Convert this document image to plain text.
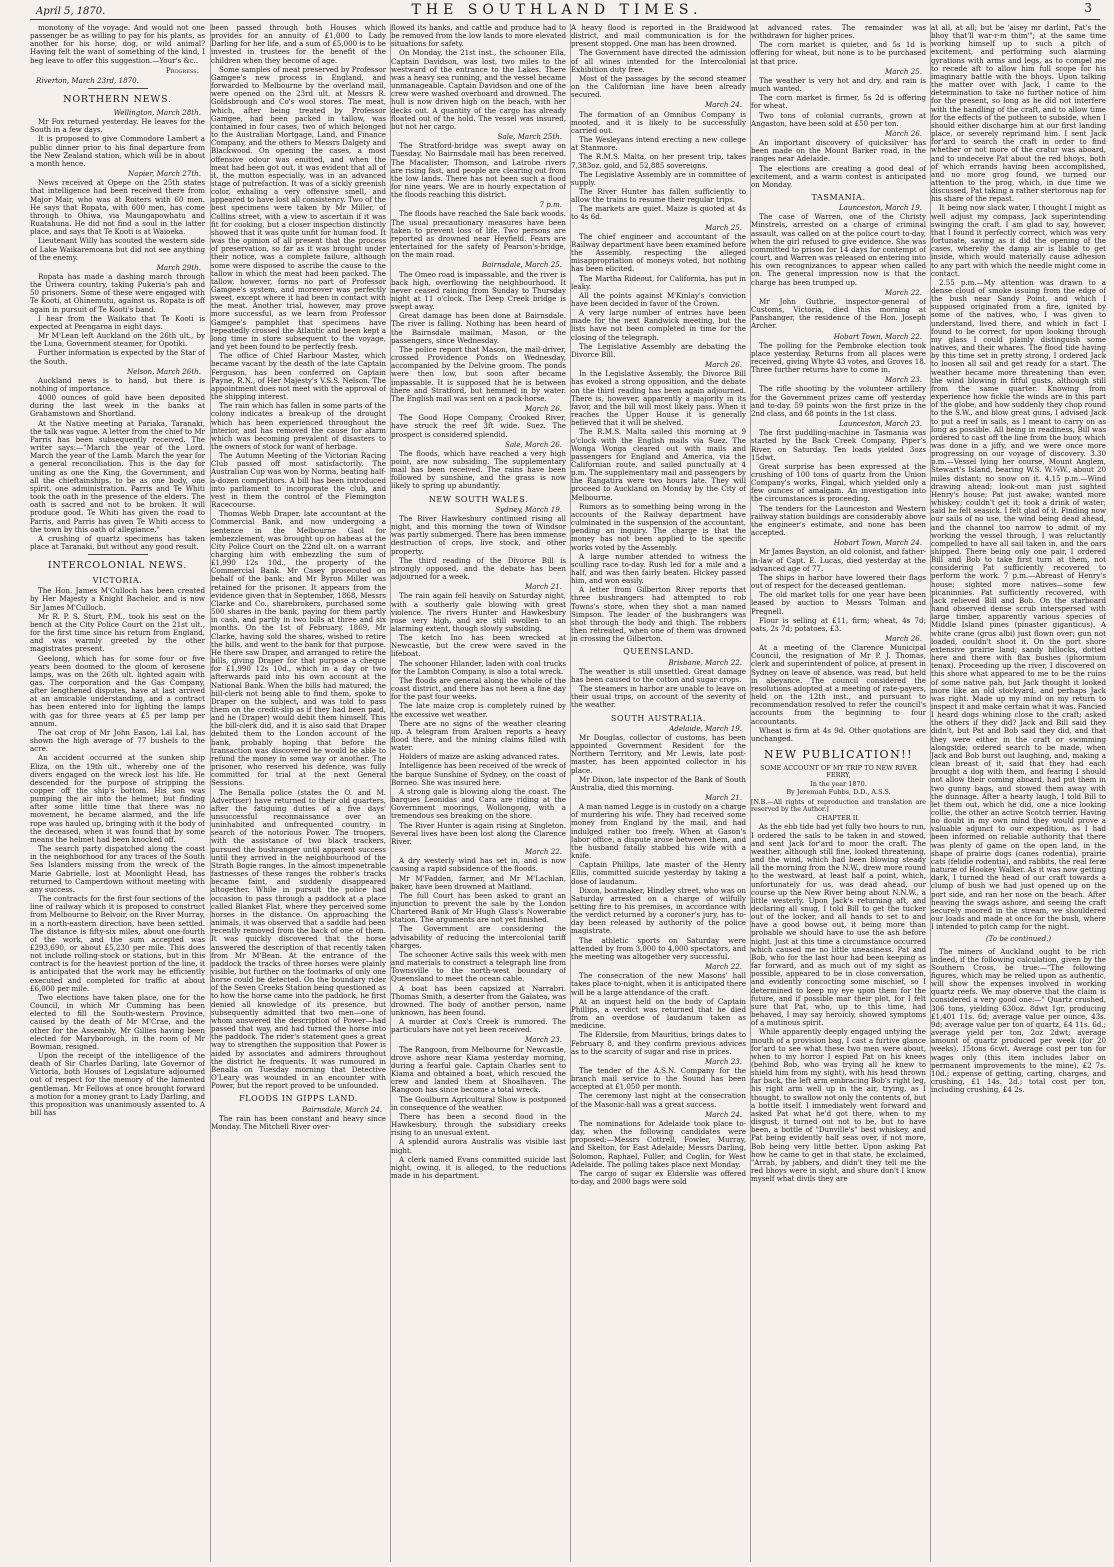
April 5, 1870.	THE SOUTHLAND TIMES.	3

monotony of the voyage. And would not one passenger be as willing to pay for his plants, as another for his horse, dog, or wild animal? Having felt the want of something of the kind, I beg leave to offer this suggestion.—Your's &c..

Progress.
Riverton, March 23rd, 1870.
NORTHERN NEWS.
Wellington, March 28th.

Mr Fox returned yesterday. He leaves for the South in a few days.

It is proposed to give Commodore Lambert a public dinner prior to his final departure from the New Zealand station, which will be in about a month hence.

Napier, March 27th.

News received at Opepe on the 25th states that intelligence had been received there from Major Mair, who was at Roiters with 60 men. He says that Ropata, with 600 men, has come through to Ohiwa, via Maungapowhatu and Ruatahuna. He did not find a soul in the latter place, and says that Te Kooti is at Waioeka.

Lieutenant Willy has scouted the western side of Lake Waikaremoana but did not see anything of the enemy.

March 29th.

Ropata has made a dashing march through the Uriwera country, taking Pukeria's pah and 50 prisoners. Some of these were engaged with Te Kooti, at Ohinemutu, against us. Ropata is off again in pursuit of Te Kooti's band.

I hear from the Waikato that Te Kooti is expected at Peengaroa in eight days.

Mr M'Lean left Auckland on the 26th ult., by the Luna, Government steamer, for Opotiki.

Further information is expected by the Star of the South.

Nelson, March 26th.

Auckland news is to hand, but there is nothing of importance.

4000 ounces of gold have been deposited during the last week in the banks at Grahamstown and Shortland.

At the Native meeting at Pariaka, Taranaki, the talk was vague. A letter from the chief to Mr Parris has been subsequently received. The writer says:—"March the year of the Lord. March the year of the Lamb. March the year for a general reconciliation. This is the day for uniting as one the King, the Government, and all the chieftainships, to be as one body, one spirit, one administration. Parris and Te Whiti took the oath in the presence of the elders. The oath is sacred and not to be broken. It will produce good. Te Whiti has given the road to Parris, and Parris has given Te Whiti access to the town by this oath of allegiance."

A crushing of quartz specimens has taken place at Taranaki, but without any good result.

INTERCOLONIAL NEWS.
VICTORIA.

The Hon. James M'Culloch has been created by Her Majesty a Knight Bachelor, and is now Sir James M'Culloch.

Mr R. P. S. Sturt, P.M., took his seat on the bench at the City Police Court on the 21st ult., for the first time since his return from England, and was warmly greeted by the other magistrates present.

Geelong, which has for some four or five years been doomed to the gloom of kerosene lamps, was on the 26th ult. lighted again with gas. The corporation and the Gas Company, after lengthened disputes, have at last arrived at an amicable understanding, and a contract has been entered into for lighting the lamps with gas for three years at £5 per lamp per annum.

The oat crop of Mr John Eason, Lal Lal, has shown the high average of 77 bushels to the acre.

An accident occurred at the sunken ship Eliza, on the 19th ult., whereby one of the divers engaged on the wreck lost his life. He descended for the purpose of stripping the copper off the ship's bottom. His son was pumping the air into the helmet; but finding after some little time that there was no movement, he became alarmed, and the life rope was hauled up, bringing with it the body of the deceased, when it was found that by some means the helmet had been knocked off.

The search party dispatched along the coast in the neighborhood for any traces of the South Sea Islanders missing from the wreck of the Marie Gabrielle, lost at Moonlight Head, has returned to Camperdown without meeting with any success.

The contracts for the first four sections of the line of railway which it is proposed to construct from Melbourne to Belvoir, on the River Murray, in a north-eastern direction, have been settled. The distance is fifty-six miles, about one-fourth of the work, and the sum accepted was £293,690, or about £5,230 per mile. This does not include rolling-stock or stations, but in this contract is for the heaviest portion of the line, it is anticipated that the work may be efficiently executed and completed for traffic at about £6,000 per mile.

Two elections have taken place, one for the Council, in which Mr Cumming has been elected to fill the South-western Province, caused by the death of Mr M'Crae, and the other for the Assembly, Mr Gillies having been elected for Maryborough, in the room of Mr Bowman, resigned.

Upon the receipt of the intelligence of the death of Sir Charles Darling, late Governor of Victoria, both Houses of Legislature adjourned out of respect for the memory of the lamented gentleman. Mr Fellows at once brought forward a motion for a money grant to Lady Darling, and this proposition was unanimously assented to. A bill has

been passed through both Houses which provides for an annuity of £1,000 to Lady Darling for her life, and a sum of £5,000 is to be invested in trustees for the benefit of the children when they become of age.

Some samples of meat preserved by Professor Gamgee's new process in England, and forwarded to Melbourne by the overland mail, were opened on the 23rd ult. at Messrs R. Goldsbrough and Co's wool stores. The meat, which, after being treated by Professor Gamgee, had been packed in tallow, was contained in four cases, two of which belonged to the Australian Mortgage, Land, and Finance Company, and the others to Messrs Dalgety and Blackwood. On opening the cases, a most offensive odour was emitted, and when the meat had been got out, it was evident that all of it, the mutton especially, was in an advanced stage of putrefaction. It was of a sickly greenish color, exhaling a very offensive smell, and appeared to have lost all consistency. Two of the best specimens were taken by Mr Miller, of Collins street, with a view to ascertain if it was fit for cooking, but a closer inspection distinctly showed that it was quite unfit for human food. It was the opinion of all present that the process of preservation, so far as it was brought under their notice, was a complete failure, although some were disposed to ascribe the cause to the tallow in which the meat had been packed. The tallow, however, forms no part of Professor Gamgee's system, and moreover was perfectly sweet, except where it had been in contact with the meat. Another trial, however, may prove more successful, as we learn from Professor Gamgee's pamphlet that specimens have repeatedly crossed the Atlantic and been kept a long time in store subsequent to the voyage, and yet been found to be perfectly fresh.

The office of Chief Harbour Master, which became vacant by the death of the late Captain Ferguson, has been conferred on Captain Payne, R.N., of Her Majesty's V.S.S. Nelson. The appointment does not meet with the approval of the shipping interest.

The rain which has fallen in some parts of the colony indicates a break-up of the drought which has been experienced throughout the interior, and has removed the cause for alarm which was becoming prevalent of disasters to the owners of stock for want of herbage.

The Autumn Meeting of the Victorian Racing Club passed off most satisfactorily. The Australian Cup was won by Norma, beating half-a-dozen competitors. A bill has been introduced into parliament to incorporate the club, and vest in them the control of the Flemington Racecourse.

Thomas Webb Draper, late accountant at the Commercial Bank, and now undergoing a sentence in the Melbourne Gaol for embezzlement, was brought up on habeas at the City Police Court on the 22nd ult. on a warrant charging him with embezzling the sum of £1,990 12s 10d., the property of the Commercial Bank. Mr Casey prosecuted on behalf of the bank; and Mr Byron Miller was retained for the prisoner. It appears from the evidence given that in September, 1868, Messrs Clarke and Co., sharebrokers, purchased some 500 shares in the bank, paying for them partly in cash, and partly in two bills at three and six months. On the 1st of February, 1869, Mr Clarke, having sold the shares, wished to retire the bills, and went to the bank for that purpose. He there saw Draper, and arranged to retire the bills, giving Draper for that purpose a cheque for £1,990 12s 10d., which in a day or two afterwards paid into his own account at the National Bank. When the bills had matured, the bill-clerk not being able to find them, spoke to Draper on the subject, and was told to pass them on the credit-slip as if they had been paid, and he (Draper) would debit them himself. This the bill-clerk did, and it is also said that Draper debited them to the London account of the bank, probably hoping that before the transaction was discovered he would be able to refund the money in some way or another. The prisoner, who reserved his defence, was fully committed for trial at the next General Sessions.

The Benalla police (states the O. and M. Advertiser) have returned to their old quarters, after the fatiguing duties of a five days' unsuccessful reconnaissance over an uninhabited and unfrequented country, in search of the notorious Power. The troopers, with the assistance of two black trackers, pursued the bushranger until apparent success until they arrived in the neighbourhood of the Strath Bogie ranges. In the almost impenetrable fastnesses of these ranges the robber's tracks became faint, and suddenly disappeared altogether. While in pursuit the police had occasion to pass through a paddock at a place called Blanket Flat, where they perceived some horses in the distance. On approaching the animals, it was observed that a saddle had been recently removed from the back of one of them. It was quickly discovered that the horse answered the description of that recently taken from Mr M'Bean. At the entrance of the paddock the tracks of three horses were plainly visible, but further on the footmarks of only one horse could be detected. On the boundary rider of the Seven Creeks Station being questioned as to how the horse came into the paddock, he first denied all knowledge of its presence, but subsequently admitted that two men—one of whom answered the description of Power—had passed that way, and had turned the horse into the paddock. The rider's statement goes a great way to strengthen the supposition that Power is aided by associates and admirers throughout the district he frequents. It was rumoured in Benalla on Tuesday morning that Detective O'Leary was wounded in an encounter with Power, but the report proved to be unfounded.

FLOODS IN GIPPS LAND.
Bairnsdale, March 24.

The rain has been constant and heavy since Monday. The Mitchell River over-

flowed its banks, and cattle and produce had to be removed from the low lands to more elevated situations for safety.

On Monday, the 21st inst., the schooner Ella, Captain Davidson, was lost, two miles to the westward of the entrance to the Lakes. There was a heavy sea running, and the vessel became unmanageable. Captain Davidson and one of the crew were washed overboard and drowned. The hull is now driven high on the beach, with her decks out. A quantity of the cargo has already floated out of the hold. The vessel was insured, but not her cargo.

Sale, March 25th.

The Stratford-bridge was swept away on Tuesday. No Bairnsdale mail has been received. The Macalister, Thomson, and Latrobe rivers are rising fast, and people are clearing out from the low lands. There has not been such a flood for nine years. We are in hourly expectation of the floods reaching this district.

7 p.m.

The floods have reached the Sale back woods. The usual precautionary measures have been taken to prevent loss of life. Two persons are reported as drowned near Heyfield. Fears are entertained for the safety of Pearson's-bridge, on the main road.

Bairnsdale, March 25.

The Omeo road is impassable, and the river is back high, overflowing the neighbourhood. It never ceased raining from Sunday to Thursday night at 11 o'clock. The Deep Creek bridge is swept away.

Great damage has been done at Bairnsdale. The river is falling. Nothing has been heard of the Bairnsdale mailman, Mason, or the passengers, since Wednesday.

The police report that Mason, the mail-driver, crossed Providence Ponds on Wednesday, accompanied by the Delvine groom. The ponds were then low, but soon after became impassable. It is supposed that he is between there and Stratford, but hemmed in by water. The English mail was sent on a pack-horse.

March 26.

The Good Hope Company, Crooked River, have struck the reef 3ft wide. Suez. The prospect is considered splendid.

Sale, March 26.

The floods, which have reached a very high point, are now subsiding. The supplementary mail has been received. The rains have been followed by sunshine, and the grass is now likely to spring up abundantly.

NEW SOUTH WALES.
Sydney, March 19.

The River Hawkesbury continued rising all night, and this morning the town of Windsor was partly submerged. There has been immense destruction of crops, live stock, and other property.

The third reading of the Divorce Bill is strongly opposed, and the debate has been adjourned for a week.

March 21.

The rain again fell heavily on Saturday night, with a southerly gale blowing with great violence. The rivers Hunter and Hawkesbury rose very high, and are still swollen to an alarming extent, though slowly subsiding.

The ketch Ino has been wrecked at Newcastle, but the crew were saved in the lifeboat.

The schooner Hilander, laden with coal trucks for the Lambton Company, is also a total wreck.

The floods are general along the whole of the coast district, and there has not been a fine day for the past four weeks.

The late maize crop is completely ruined by the excessive wet weather.

There are no signs of the weather clearing up. A telegram from Araluen reports a heavy flood there, and the mining claims filled with water.

Holders of maize are asking advanced rates.

Intelligence has been received of the wreck of the barque Sunshine of Sydney, on the coast of Borneo. She was insured here.

A strong gale is blowing along the coast. The barques Leonidas and Cara are riding at the Government moorings, Wollongong, with a tremendous sea breaking on the shore.

The River Hunter is again rising at Singleton. Several lives have been lost along the Clarence River.

March 22.

A dry westerly wind has set in, and is now causing a rapid subsidence of the floods.

Mr M'Fadden, farmer, and Mr M'Lachlan, baker, have been drowned at Maitland.

The full Court has been asked to grant an injunction to prevent the sale by the London Chartered Bank of Mr Hugh Glass's Nowerabie station. The arguments are not yet finished.

The Government are considering the advisability of reducing the intercolonial tariff charges.

The schooner Active sails this week with men and materials to construct a telegraph line from Townsville to the north-west boundary of Queensland to meet the ocean cable.

A boat has been capsized at Narrabri. Thomas Smith, a deserter from the Galatea, was drowned. The body of another person, name unknown, has been found.

A murder at Cox's Creek is rumored. The particulars have not yet been received.

March 23.

The Rangoon, from Melbourne for Newcastle, drove ashore near Kiama yesterday morning, during a fearful gale. Captain Charles sent to Kiama and obtained a boat, which rescued the crew and landed them at Shoalhaven. The Rangoon has since become a total wreck.

The Goulburn Agricultural Show is postponed in consequence of the weather.

There has been a second flood in the Hawkesbury, through the subsidiary creeks rising to an unusual extent.

A splendid aurora Australis was visible last night.

A clerk named Evans committed suicide last night, owing, it is alleged, to the reductions made in his department.

A heavy flood is reported in the Braidwood district, and mail communication is for the present stopped. One man has been drowned.

The Government have directed the admission of all wines intended for the Intercolonial Exhibition duty free.

Most of the passages by the second steamer on the Californian line have been already secured.

March 24.

The formation of an Omnibus Company is mooted, and it is likely to be successfully carried out.

The Wesleyans intend erecting a new college at Stanmore.

The R.M.S. Malta, on her present trip, takes 7,383oz. gold, and 52,885 sovereigns.

The Legislative Assembly are in committee of supply.

The River Hunter has fallen sufficiently to allow the trains to resume their regular trips.

The markets are quiet. Maize is quoted at 4s to 4s 6d.

March 25.

The chief engineer and accountant of the Railway department have been examined before the Assembly, respecting the alleged misappropriation of moneys voted, but nothing has been elicited.

The Martha Rideout, for California, has put in leaky.

All the points against M'Kinlay's conviction have been decided in favor of the Crown.

A very large number of entries have been made for the next Randwick meeting, but the lists have not been completed in time for the closing of the telegraph.

The Legislative Assembly are debating the Divorce Bill.

March 26.

In the Legislative Assembly, the Divorce Bill has evoked a strong opposition, and the debate on the third reading has been again adjourned. There is, however, apparently a majority in its favor, and the bill will most likely pass. When it reaches the Upper House it is generally believed that it will be shelved.

The R.M.S. Malta sailed this morning at 9 o'clock with the English mails via Suez. The Wonga Wonga cleared out with mails and passengers for England and America, via the Californian route, and sailed punctually at 4 p.m. The supplementary mail and passengers by the Rangatira were two hours late. They will proceed to Auckland on Monday by the City of Melbourne.

Rumors as to something being wrong in the accounts of the Railway department have culminated in the suspension of the accountant, pending an inquiry. The charge is that the money has not been applied to the specific works voted by the Assembly.

A large number attended to witness the sculling race to-day. Rush led for a mile and a half, and was then fairly beaten. Hickey passed him, and won easily.

A letter from Gilberton River reports that three bushrangers had attempted to rob Towns's store, when they shot a man named Simpson. The leader of the bushrangers was shot through the body and thigh. The robbers then retreated, when one of them was drowned in crossing the Gilberton.

QUEENSLAND.
Brisbane, March 22.

The weather is still unsettled. Great damage has been caused to the cotton and sugar crops.

The steamers in harbor are unable to leave on their usual trips, on account of the severity of the weather.

SOUTH AUSTRALIA.
Adelaide, March 19.

Mr Douglas, collector of customs, has been appointed Government Resident for the Northern Territory, and Mr Lewis, late post-master, has been appointed collector in his place.

Mr Dixon, late inspector of the Bank of South Australia, died this morning.

March 21.

A man named Legge is in custody on a charge of murdering his wife. They had received some money from England by the mail, and had indulged rather too freely. When at Gason's labor office, a dispute arose between them, and the husband fatally stabbed his wife with a knife.

Captain Phillips, late master of the Henry Ellis, committed suicide yesterday by taking a dose of laudanum.

Dixon, boatmaker, Hindley street, who was on Saturday arrested on a charge of wilfully setting fire to his premises, in accordance with the verdict returned by a coroner's jury, has to-day been released by authority of the police magistrate.

The athletic sports on Saturday were attended by from 3,000 to 4,000 spectators, and the meeting was altogether very successful.

March 22.

The consecration of the new Masons' hall takes place to-night, when it is anticipated there will be a large attendance of the craft.

At an inquest held on the body of Captain Phillips, a verdict was returned that he died from an overdose of laudanum taken as medicine.

The Eldersile, from Mauritius, brings dates to February 8, and they confirm previous advices as to the scarcity of sugar and rise in prices.

March 23.

The tender of the A.S.N. Company for the branch mail service to the Sound has been accepted at £1,050 per month.

The ceremony last night at the consecration of the Masonic-hall was a great success.

March 24.

The nominations for Adelaide took place to-day, when the following candidates were proposed:—Messrs Cottrell, Fowler, Murray, and Skelton, for East Adelaide; Messrs Darling, Solomon, Raphael, Fuller, and Coglin, for West Adelaide. The polling takes place next Monday.

The cargo of sugar ex Elderslie was offered to-day, and 2000 bags were sold

at advanced rates. The remainder was withdrawn for higher prices.

The corn market is quieter, and 5s 1d is offering for wheat, but none is to be purchased at that price.

March 25.

The weather is very hot and dry, and rain is much wanted.

The corn market is firmer, 5s 2d is offering for wheat.

Two tons of colonial currants, grown at Angaston, have been sold at £50 per ton.

March 26.

An important discovery of quicksilver has been made on the Mount Barker road, in the ranges near Adelaide.

The elections are creating a good deal of excitement, and a warm contest is anticipated on Monday.

TASMANIA.
Launceston, March 19.

The case of Warren, one of the Christy Minstrels, arrested on a charge of criminal assault, was called on at the police court to-day, when the girl refused to give evidence. She was committed to prison for 14 days for contempt of court, and Warren was released on entering into his own recognizances to appear when called on. The general impression now is that the charge has been trumped up.

March 22.

Mr John Guthrie, inspector-general of Customs, Victoria, died this morning at Panshanger, the residence of the Hon. Joseph Archer.

Hobart Town, March 22.

The polling for the Pembroke election took place yesterday. Returns from all places were received, giving Whyte 43 votes, and Groves 18. Three further returns have to come in.

March 23.

The rifle shooting by the volunteer artillery for the Government prizes came off yesterday and to-day. 59 points won the first prize in the 2nd class, and 68 points in the 1st class.

Launceston, March 23.

The first puddling-machine in Tasmania was started by the Back Creek Company, Piper's River, on Saturday. Ten loads yielded 3ozs 15dwt.

Great surprise has been expressed at the crushing of 100 tons of quartz from the Union Company's works, Fingal, which yielded only a few ounces of amalgam. An investigation into the circumstances is proceeding.

The tenders for the Launceston and Western railway station buildings are considerably above the engineer's estimate, and none has been accepted.

Hobart Town, March 24.

Mr James Bayston, an old colonist, and father-in-law of Capt. E. Lucas, died yesterday at the advanced age of 77.

The ships in harbor have lowered their flags out of respect for the deceased gentleman.

The old market tolls for one year have been leased by auction to Messrs Tolman and Pregnell.

Flour is selling at £11, firm; wheat, 4s 7d; oats, 2s 7d; potatoes, £3.

March 26.

At a meeting of the Clarence Municipal Council, the resignation of Mr P. J. Thomas, clerk and superintendent of police, at present in Sydney on leave of absence, was read, but held in abeyance. The council considered the resolutions adopted at a meeting of rate-payers, held on the 12th inst., and pursuant to recommendation resolved to refer the council's accounts from the beginning to four accountants.

Wheat is firm at 4s 9d. Other quotations are unchanged.

NEW PUBLICATION!!
SOME ACCOUNT OF MY TRIP TO NEW RIVER FERRY,
In the year 1870.
By Jeremiah Fubbs, D.D., A.S.S.
[N.B.—All rights of reproduction and translation are reserved by the Author.]
CHAPTER II.

As the ebb tide had yet fully two hours to run, I ordered the sails to be taken in and stowed, and sent Jack for'ard to moor the craft. The weather, although still fine, looked threatening, and the wind, which had been blowing steady all the morning from the N.W., drew more round to the westward, at least half a point, which, unfortunately for us, was dead ahead, our course up the New River being about N.N.W., a little westerly. Upon Jack's returning aft, and declaring all snug, I told Bill to get the tucker out of the locker, and all hands to set to and have a good bowse out, it being more than probable we should have to use the ash before night. Just at this time a circumstance occurred which caused me no little uneasiness. Pat and Bob, who for the last hour had been keeping as far forward, and as much out of my sight as possible, appeared to be in close conversation, and evidently concocting some mischief, so I determined to keep my eye upon them for the future, and if possible mar their plot, for I felt sure that Pat, who, up to this time, had behaved, I may say heroicly, showed symptoms of a mutinous spirit.

While apparently deeply engaged untying the mouth of a provision bag, I cast a furtive glance for'ard to see what these two men were about, when to my horror I espied Pat on his knees (behind Bob, who was trying all he knew to shield him from my sight), with his head thrown far back, the left arm embracing Bob's right leg, his right arm well up in the air, trying, as I thought, to swallow not only the contents of, but a bottle itself. I immediately went forward and asked Pat what he'd got there, when to my disgust, it turned out not to be, but to have been, a bottle of "Dunville's" best whiskey, and Pat being evidently half seas over, if not more, Bob being very little better. Upon asking Pat how he came to get in that state, he exclaimed, "Arrah, by jabbers, and didn't they tell me the red bhoys were in sight, and shure don't I know myself what divils they are

at all, at all; but be 'aisey mr darlint, Pat's the bhoy that'll war-r-m thim'"; at the same time working himself up to such a pitch of excitement, and performing such alarming gyrations with arms and legs, as to compel me to recede aft to allow him full scope for his imaginary battle with the bhoys. Upon talking the matter over with Jack, I came to the determination to take no further notice of him for the present, so long as he did not interfere with the handling of the craft, and to allow time for the effects of the potheen to subside, when I should either discharge him at our first landing place, or severely reprimand him. I sent Jack for'ard to search the craft in order to find whether or not more of the cratur was aboard, and to undeceive Pat about the red bhoys, both of which errands having been accomplished, and no more grog found, we turned our attention to the prog, which, in due time we discussed, Pat taking a rather stertorous nap for his share of the repast.

It being now slack water, I thought I might as well adjust my compass, Jack superintending swinging the craft. I am glad to say, however, that I found it perfectly correct, which was very fortunate, saving as it did the opening of the cases, whereby the damp air is liable to get inside, which would materially cause adhesion to any part with which the needle might come in contact.

2.55 p.m.—My attention was drawn to a dense cloud of smoke issuing from the edge of the bush near Sandy Point, and which I supposed originated from a fire, ignited by some of the natives, who, I was given to understand, lived there, and which in fact I found to be correct, for upon looking through my glass I could plainly distinguish some natives, and their whares. The flood tide having by this time set in pretty strong, I ordered Jack to loosen all sail and get ready for a start. The weather became more threatening than ever, the wind blowing in fitful gusts, although still from the same quarter. Knowing from experience how fickle the winds are in this part of the globe, and how suddenly they chop round to the S.W., and blow great guns, I advised Jack to put a reef in sails, as I meant to carry on as long as possible. All being in readiness, Bill was ordered to cast off the line from the buoy, which was done in a jiffy, and we were once more progressing on our voyage of discovery. 3.30 p.m.—Vessel lying her course, Mount Anglem, Stewart's Island, bearing W.S. W.¼W., about 20 miles distant; no snow on it. 4.15 p.m.—Wind drawing ahead; look-out man just sighted Henry's house; Pat just awake; wanted more whiskey; couldn't get it; took a drink of water; said he felt seasick. I felt glad of it. Finding now our sails of no use, the wind being dead ahead, and the channel too narrow to admit of my working the vessel through, I was reluctantly compelled to have all sail taken in, and the oars shipped. There being only one pair, I ordered Bill and Bob to take first turn at them, not considering Pat sufficiently recovered to perform the work. 7 p.m.—Abreast of Henry's house; sighted more natives—some few picaninnies. Pat sufficiently recovered, with Jack relieved Bill and Bob. On the starboard hand observed dense scrub interspersed with large timber, apparently various species of Middle Island pines (pinaster giganticus). A white crane (grus albi) just flown over; gun not loaded, couldn't shoot it. On the port shore extensive prairie land; sandy hillocks, dotted here and there with flax bushes (phormium tenax). Proceeding up the river, I discovered on this shore what appeared to me to be the ruins of some native pah, but Jack thought it looked more like an old stockyard, and perhaps Jack was right. Made up my mind on my return to inspect it and make certain what it was. Fancied I heard dogs whining close to the craft; asked the others if they did? Jack and Bill said they didn't, but Pat and Bob said they did, and that they were either in the craft or swimming alongside; ordered search to be made, when Jack and Bob burst out laughing, and, making a clean breast of it, said that they had each brought a dog with them, and fearing I should not allow their coming aboard, had put them in two gunny bags, and stowed them away with the dunnage. After a hearty laugh, I told Bill to let them out, which he did, one a nice looking collie, the other an active Scotch terrier. Having no doubt in my own mind they would prove a valuable adjunct to our expedition, as I had been informed on reliable authority that there was plenty of game on the open land, in the shape of prairie dogs (canes rodentia), prairie cats (felidie rodentia), and rabbits, the real feræ naturæ of Hookey Walker. As it was now getting dark, I turned the head of our craft towards a clump of bush we had just opened up on the port side, and ran her nose on the beach. After heaving the swags ashore, and seeing the craft securely moored in the stream, we shouldered our loads and made at once for the bush, where I intended to pitch camp for the night.

(To be continued.)

The miners of Auckland ought to be rich indeed, if the following calculation, given by the Southern Cross, be true:—"The following figures, which may be relied upon as authentic, will show the expenses involved in working quartz reefs. We may observe that the claim is considered a very good one:—" Quartz crushed, 306 tons, yielding 630oz. 8dwt 1gr, producing £1,401 11s. 6d; average value per ounce, 43s. 9d; average value per ton of quartz, £4 11s. 6d.; average yield per ton, 2oz 2dwt; average amount of quartz produced per week (for 20 weeks), 15tons 6cwt. Average cost per ton for wages only (this item includes labor on permanent improvements to the mine), £2 7s. 10d.; expense of getting, carting, charges, and crushing, £1 14s. 2d.; total cost per ton, including crushing, £4 2s.
